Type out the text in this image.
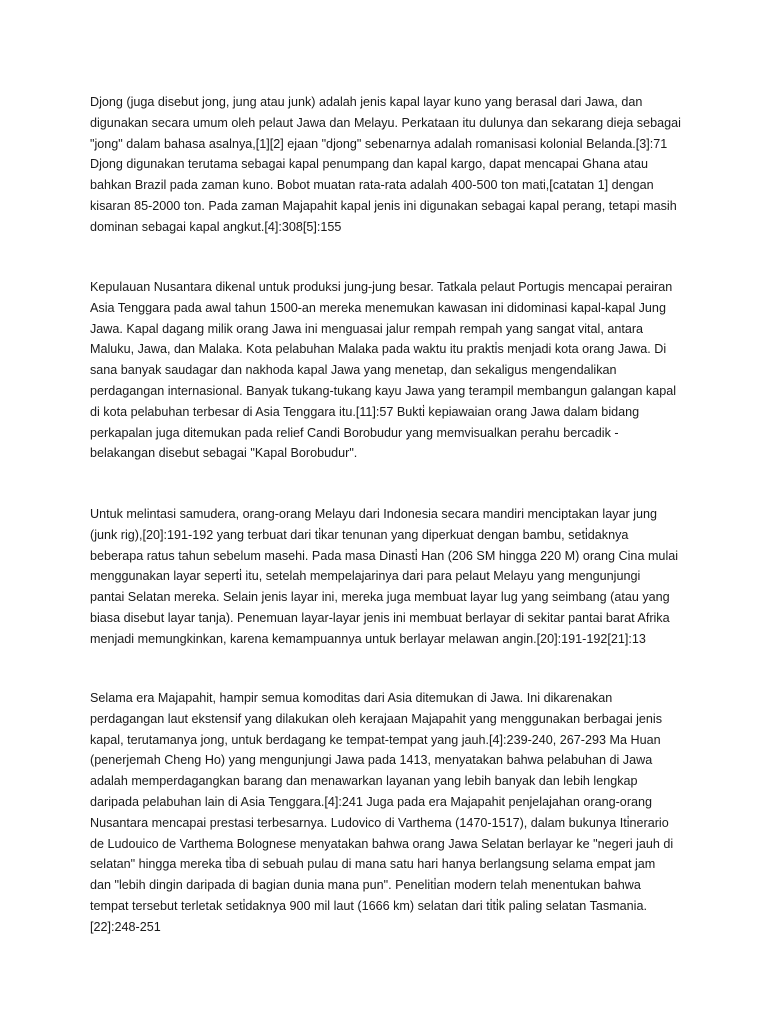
Djong (juga disebut jong, jung atau junk) adalah jenis kapal layar kuno yang berasal dari Jawa, dan
digunakan secara umum oleh pelaut Jawa dan Melayu. Perkataan itu dulunya dan sekarang dieja sebagai
"jong" dalam bahasa asalnya,[1][2] ejaan "djong" sebenarnya adalah romanisasi kolonial Belanda.[3]:71
Djong digunakan terutama sebagai kapal penumpang dan kapal kargo, dapat mencapai Ghana atau
bahkan Brazil pada zaman kuno. Bobot muatan rata-rata adalah 400-500 ton mati,[catatan 1] dengan
kisaran 85-2000 ton. Pada zaman Majapahit kapal jenis ini digunakan sebagai kapal perang, tetapi masih
dominan sebagai kapal angkut.[4]:308[5]:155

Kepulauan Nusantara dikenal untuk produksi jung-jung besar. Tatkala pelaut Portugis mencapai perairan
Asia Tenggara pada awal tahun 1500-an mereka menemukan kawasan ini didominasi kapal-kapal Jung
Jawa. Kapal dagang milik orang Jawa ini menguasai jalur rempah rempah yang sangat vital, antara
Maluku, Jawa, dan Malaka. Kota pelabuhan Malaka pada waktu itu prakti̇s menjadi kota orang Jawa. Di
sana banyak saudagar dan nakhoda kapal Jawa yang menetap, dan sekaligus mengendalikan
perdagangan internasional. Banyak tukang-tukang kayu Jawa yang terampil membangun galangan kapal
di kota pelabuhan terbesar di Asia Tenggara itu.[11]:57 Bukti̇ kepiawaian orang Jawa dalam bidang
perkapalan juga ditemukan pada relief Candi Borobudur yang memvisualkan perahu bercadik -
belakangan disebut sebagai "Kapal Borobudur".

Untuk melintasi samudera, orang-orang Melayu dari Indonesia secara mandiri menciptakan layar jung
(junk rig),[20]:191-192 yang terbuat dari ti̇kar tenunan yang diperkuat dengan bambu, seti̇daknya
beberapa ratus tahun sebelum masehi. Pada masa Dinasti̇ Han (206 SM hingga 220 M) orang Cina mulai
menggunakan layar seperti̇ itu, setelah mempelajarinya dari para pelaut Melayu yang mengunjungi
pantai Selatan mereka. Selain jenis layar ini, mereka juga membuat layar lug yang seimbang (atau yang
biasa disebut layar tanja). Penemuan layar-layar jenis ini membuat berlayar di sekitar pantai barat Afrika
menjadi memungkinkan, karena kemampuannya untuk berlayar melawan angin.[20]:191-192[21]:13

Selama era Majapahit, hampir semua komoditas dari Asia ditemukan di Jawa. Ini dikarenakan
perdagangan laut ekstensif yang dilakukan oleh kerajaan Majapahit yang menggunakan berbagai jenis
kapal, terutamanya jong, untuk berdagang ke tempat-tempat yang jauh.[4]:239-240, 267-293 Ma Huan
(penerjemah Cheng Ho) yang mengunjungi Jawa pada 1413, menyatakan bahwa pelabuhan di Jawa
adalah memperdagangkan barang dan menawarkan layanan yang lebih banyak dan lebih lengkap
daripada pelabuhan lain di Asia Tenggara.[4]:241 Juga pada era Majapahit penjelajahan orang-orang
Nusantara mencapai prestasi terbesarnya. Ludovico di Varthema (1470-1517), dalam bukunya Iti̇nerario
de Ludouico de Varthema Bolognese menyatakan bahwa orang Jawa Selatan berlayar ke "negeri jauh di
selatan" hingga mereka ti̇ba di sebuah pulau di mana satu hari hanya berlangsung selama empat jam
dan "lebih dingin daripada di bagian dunia mana pun". Peneliti̇an modern telah menentukan bahwa
tempat tersebut terletak seti̇daknya 900 mil laut (1666 km) selatan dari ti̇ti̇k paling selatan Tasmania.
[22]:248-251
